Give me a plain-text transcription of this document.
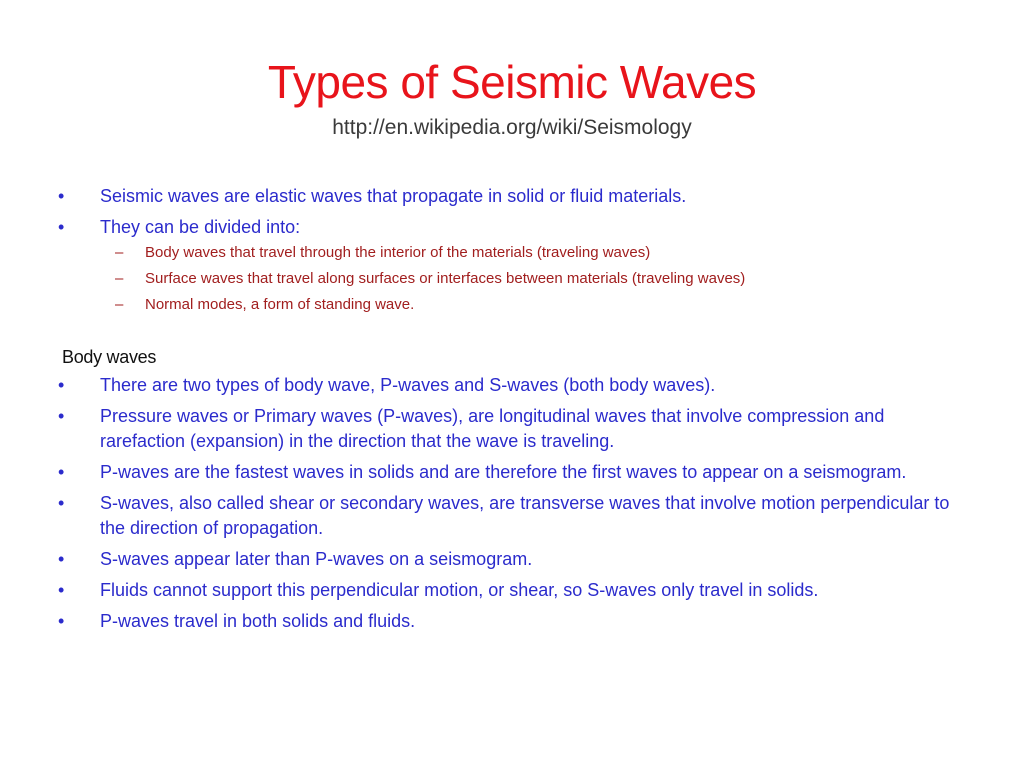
Types of Seismic Waves
http://en.wikipedia.org/wiki/Seismology
• Seismic waves are elastic waves that propagate in solid or fluid materials.
• They can be divided into:
– Body waves that travel through the interior of the materials (traveling waves)
– Surface waves that travel along surfaces or interfaces between materials (traveling waves)
– Normal modes, a form of standing wave.
Body waves
• There are two types of body wave, P-waves and S-waves (both body waves).
• Pressure waves or Primary waves (P-waves), are longitudinal waves that involve compression and rarefaction (expansion) in the direction that the wave is traveling.
• P-waves are the fastest waves in solids and are therefore the first waves to appear on a seismogram.
• S-waves, also called shear or secondary waves, are transverse waves that involve motion perpendicular to the direction of propagation.
• S-waves appear later than P-waves on a seismogram.
• Fluids cannot support this perpendicular motion, or shear, so S-waves only travel in solids.
• P-waves travel in both solids and fluids.
